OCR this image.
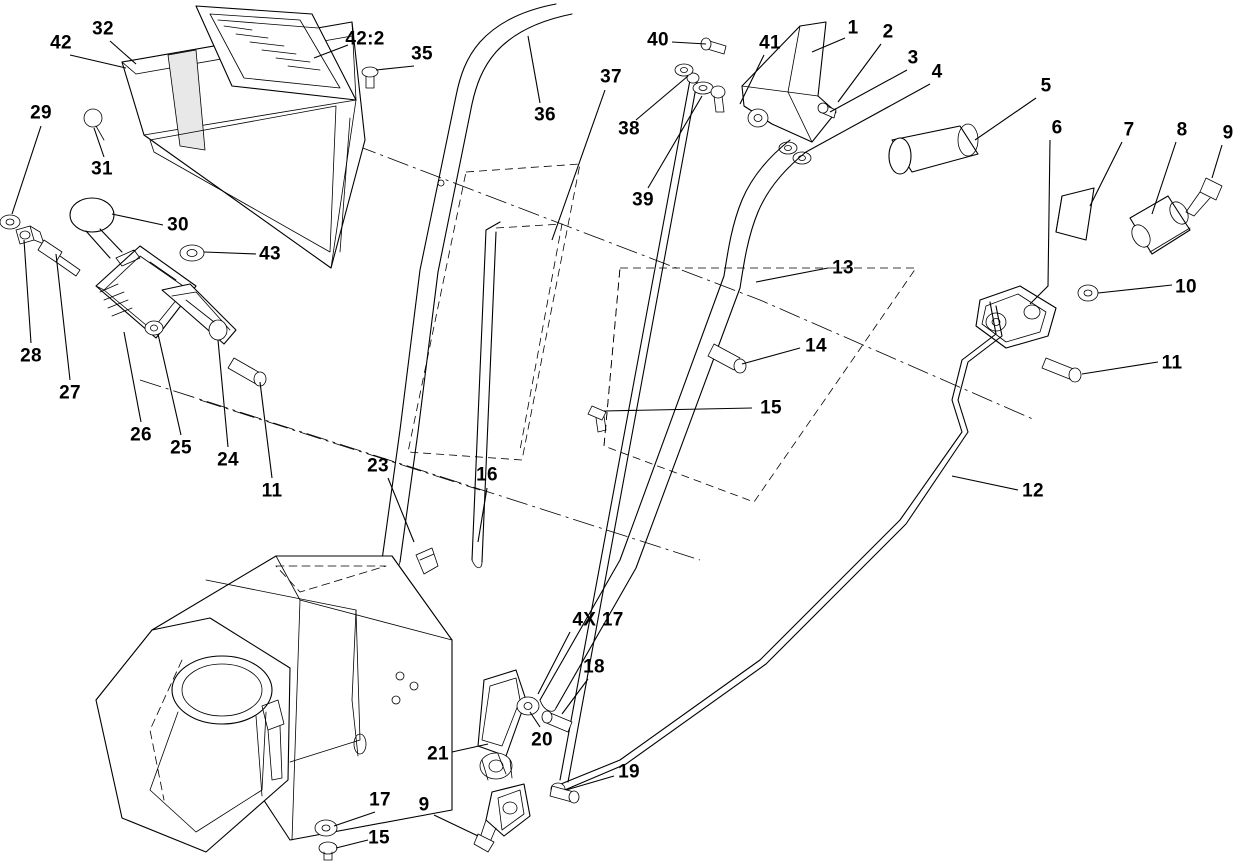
1 2
3
4
5
6	7 8 9
10
11
12
13
14
15
16
4X 17
18
19
20
21
17 9
15
23
11
24
25
26
27
28
29
30
31
32
42	42:2
35
36
37
38
39
40	41
43
